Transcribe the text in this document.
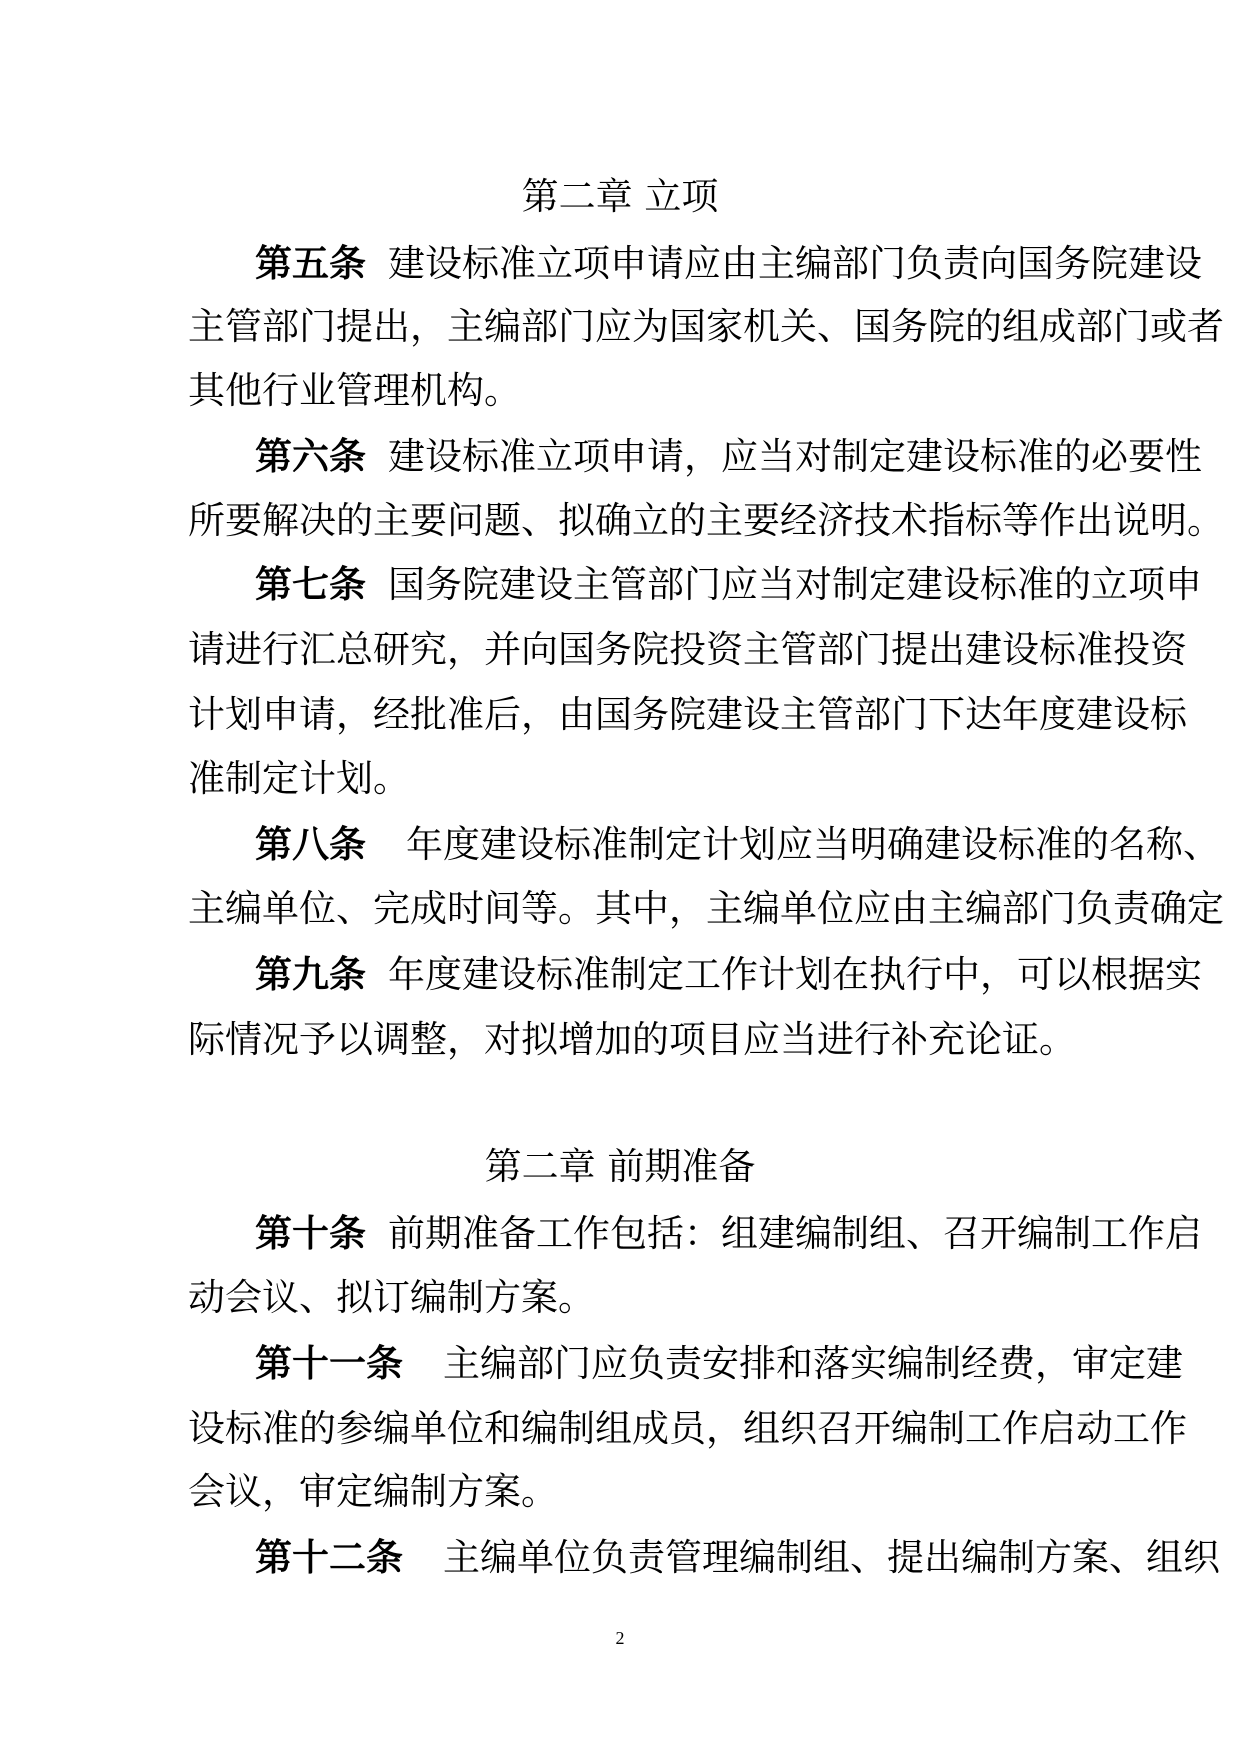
第二章 立项
第五条 建设标准立项申请应由主编部门负责向国务院建设
主管部门提出，主编部门应为国家机关、国务院的组成部门或者
其他行业管理机构。
第六条 建设标准立项申请，应当对制定建设标准的必要性
所要解决的主要问题、拟确立的主要经济技术指标等作出说明。
第七条 国务院建设主管部门应当对制定建设标准的立项申
请进行汇总研究，并向国务院投资主管部门提出建设标准投资
计划申请，经批准后，由国务院建设主管部门下达年度建设标
准制定计划。
第八条 年度建设标准制定计划应当明确建设标准的名称、
主编单位、完成时间等。其中，主编单位应由主编部门负责确定
第九条 年度建设标准制定工作计划在执行中，可以根据实
际情况予以调整，对拟增加的项目应当进行补充论证。
第二章 前期准备
第十条 前期准备工作包括：组建编制组、召开编制工作启
动会议、拟订编制方案。
第十一条 主编部门应负责安排和落实编制经费，审定建
设标准的参编单位和编制组成员，组织召开编制工作启动工作
会议，审定编制方案。
第十二条 主编单位负责管理编制组、提出编制方案、组织
2
